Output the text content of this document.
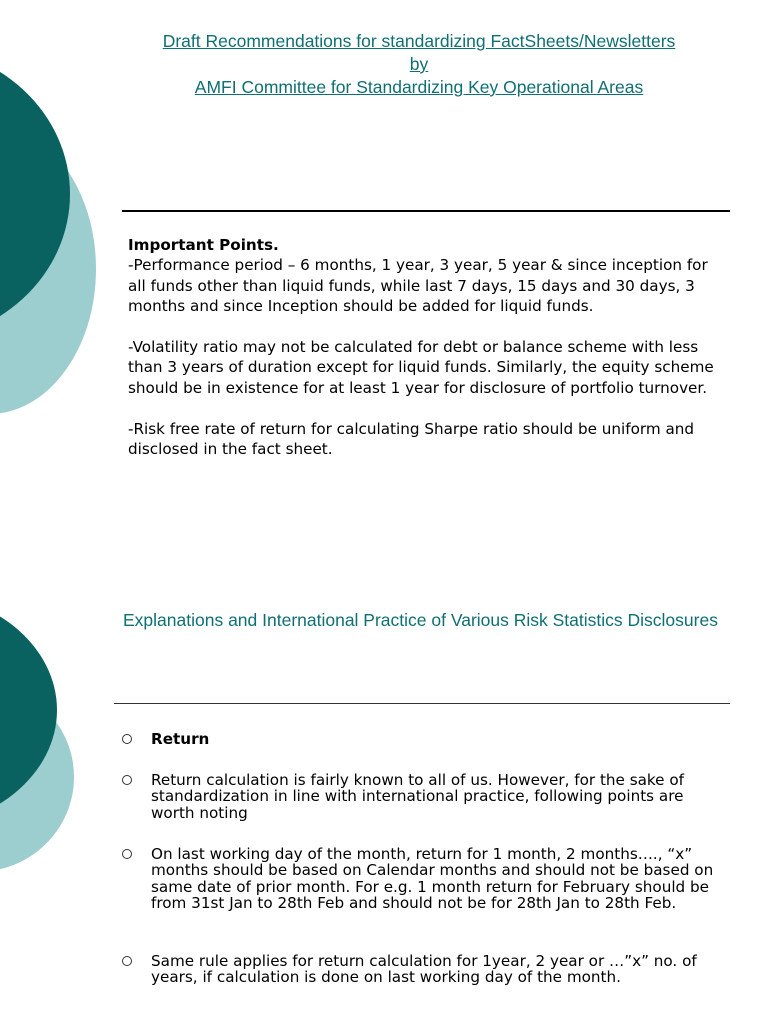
Draft Recommendations for standardizing FactSheets/Newsletters
by
AMFI Committee for Standardizing Key Operational Areas

Important Points.

-Performance period – 6 months, 1 year, 3 year, 5 year & since inception for all funds other than liquid funds, while last 7 days, 15 days and 30 days, 3 months and since Inception should be added for liquid funds.

-Volatility ratio may not be calculated for debt or balance scheme with less than 3 years of duration except for liquid funds. Similarly, the equity scheme should be in existence for at least 1 year for disclosure of portfolio turnover.

-Risk free rate of return for calculating Sharpe ratio should be uniform and disclosed in the fact sheet.

Explanations and International Practice of Various Risk Statistics Disclosures
Return
Return calculation is fairly known to all of us. However, for the sake of standardization in line with international practice, following points are worth noting
On last working day of the month, return for 1 month, 2 months…., “x” months should be based on Calendar months and should not be based on same date of prior month. For e.g. 1 month return for February should be from 31st Jan to 28th Feb and should not be for 28th Jan to 28th Feb.
Same rule applies for return calculation for 1year, 2 year or …”x” no. of years, if calculation is done on last working day of the month.
